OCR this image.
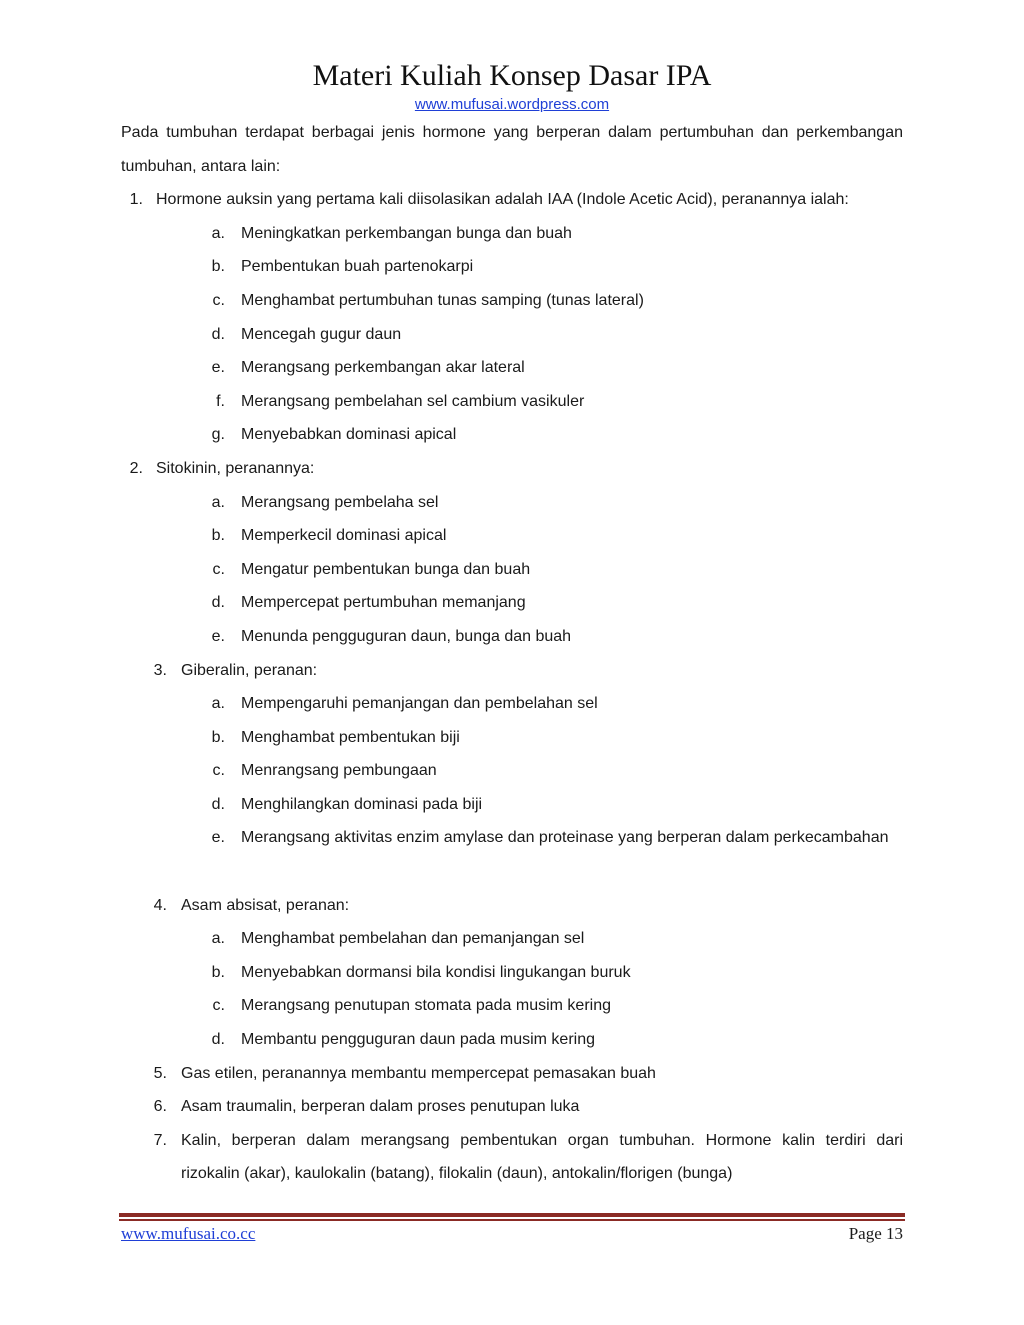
Materi Kuliah Konsep Dasar IPA
www.mufusai.wordpress.com

Pada tumbuhan terdapat berbagai jenis hormone yang berperan dalam pertumbuhan dan perkembangan tumbuhan, antara lain:

1. Hormone auksin yang pertama kali diisolasikan adalah IAA (Indole Acetic Acid), peranannya ialah:
a. Meningkatkan perkembangan bunga dan buah
b. Pembentukan buah partenokarpi
c. Menghambat pertumbuhan tunas samping (tunas lateral)
d. Mencegah gugur daun
e. Merangsang perkembangan akar lateral
f. Merangsang pembelahan sel cambium vasikuler
g. Menyebabkan dominasi apical
2. Sitokinin, peranannya:
a. Merangsang pembelaha sel
b. Memperkecil dominasi apical
c. Mengatur pembentukan bunga dan buah
d. Mempercepat pertumbuhan memanjang
e. Menunda pengguguran daun, bunga dan buah
3. Giberalin, peranan:
a. Mempengaruhi pemanjangan dan pembelahan sel
b. Menghambat pembentukan biji
c. Menrangsang pembungaan
d. Menghilangkan dominasi pada biji
e. Merangsang aktivitas enzim amylase dan proteinase yang berperan dalam perkecambahan
4. Asam absisat, peranan:
a. Menghambat pembelahan dan pemanjangan sel
b. Menyebabkan dormansi bila kondisi lingukangan buruk
c. Merangsang penutupan stomata pada musim kering
d. Membantu pengguguran daun pada musim kering
5. Gas etilen, peranannya membantu mempercepat pemasakan buah
6. Asam traumalin, berperan dalam proses penutupan luka
7. Kalin, berperan dalam merangsang pembentukan organ tumbuhan. Hormone kalin terdiri dari rizokalin (akar), kaulokalin (batang), filokalin (daun), antokalin/florigen (bunga)
www.mufusai.co.cc	Page 13
